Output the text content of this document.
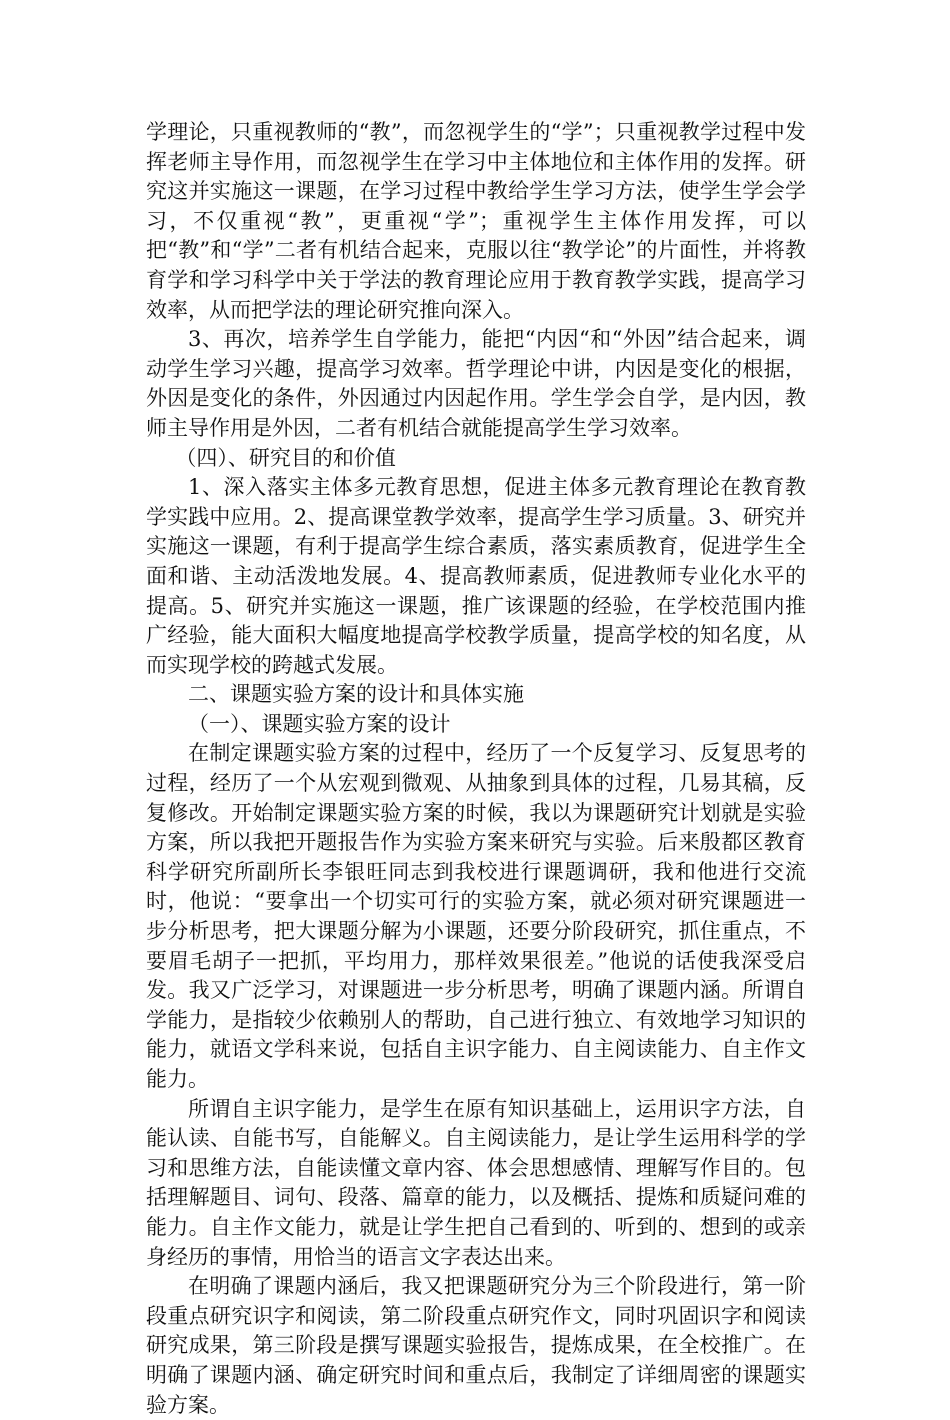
学理论，只重视教师的“教”，而忽视学生的“学”；只重视教学过程中发挥老师主导作用，而忽视学生在学习中主体地位和主体作用的发挥。研究这并实施这一课题，在学习过程中教给学生学习方法，使学生学会学习，不仅重视“教”，更重视“学”；重视学生主体作用发挥，可以把“教”和“学”二者有机结合起来，克服以往“教学论”的片面性，并将教育学和学习科学中关于学法的教育理论应用于教育教学实践，提高学习效率，从而把学法的理论研究推向深入。

3、再次，培养学生自学能力，能把“内因“和“外因”结合起来，调动学生学习兴趣，提高学习效率。哲学理论中讲，内因是变化的根据，外因是变化的条件，外因通过内因起作用。学生学会自学，是内因，教师主导作用是外因，二者有机结合就能提高学生学习效率。

（四）、研究目的和价值

1、深入落实主体多元教育思想，促进主体多元教育理论在教育教学实践中应用。2、提高课堂教学效率，提高学生学习质量。3、研究并实施这一课题，有利于提高学生综合素质，落实素质教育，促进学生全面和谐、主动活泼地发展。4、提高教师素质，促进教师专业化水平的提高。5、研究并实施这一课题，推广该课题的经验，在学校范围内推广经验，能大面积大幅度地提高学校教学质量，提高学校的知名度，从而实现学校的跨越式发展。

二、课题实验方案的设计和具体实施

（一）、课题实验方案的设计

在制定课题实验方案的过程中，经历了一个反复学习、反复思考的过程，经历了一个从宏观到微观、从抽象到具体的过程，几易其稿，反复修改。开始制定课题实验方案的时候，我以为课题研究计划就是实验方案，所以我把开题报告作为实验方案来研究与实验。后来殷都区教育科学研究所副所长李银旺同志到我校进行课题调研，我和他进行交流时，他说：“要拿出一个切实可行的实验方案，就必须对研究课题进一步分析思考，把大课题分解为小课题，还要分阶段研究，抓住重点，不要眉毛胡子一把抓，平均用力，那样效果很差。”他说的话使我深受启发。我又广泛学习，对课题进一步分析思考，明确了课题内涵。所谓自学能力，是指较少依赖别人的帮助，自己进行独立、有效地学习知识的能力，就语文学科来说，包括自主识字能力、自主阅读能力、自主作文能力。

所谓自主识字能力，是学生在原有知识基础上，运用识字方法，自能认读、自能书写，自能解义。自主阅读能力，是让学生运用科学的学习和思维方法，自能读懂文章内容、体会思想感情、理解写作目的。包括理解题目、词句、段落、篇章的能力，以及概括、提炼和质疑问难的能力。自主作文能力，就是让学生把自己看到的、听到的、想到的或亲身经历的事情，用恰当的语言文字表达出来。

在明确了课题内涵后，我又把课题研究分为三个阶段进行，第一阶段重点研究识字和阅读，第二阶段重点研究作文，同时巩固识字和阅读研究成果，第三阶段是撰写课题实验报告，提炼成果，在全校推广。在明确了课题内涵、确定研究时间和重点后，我制定了详细周密的课题实验方案。
